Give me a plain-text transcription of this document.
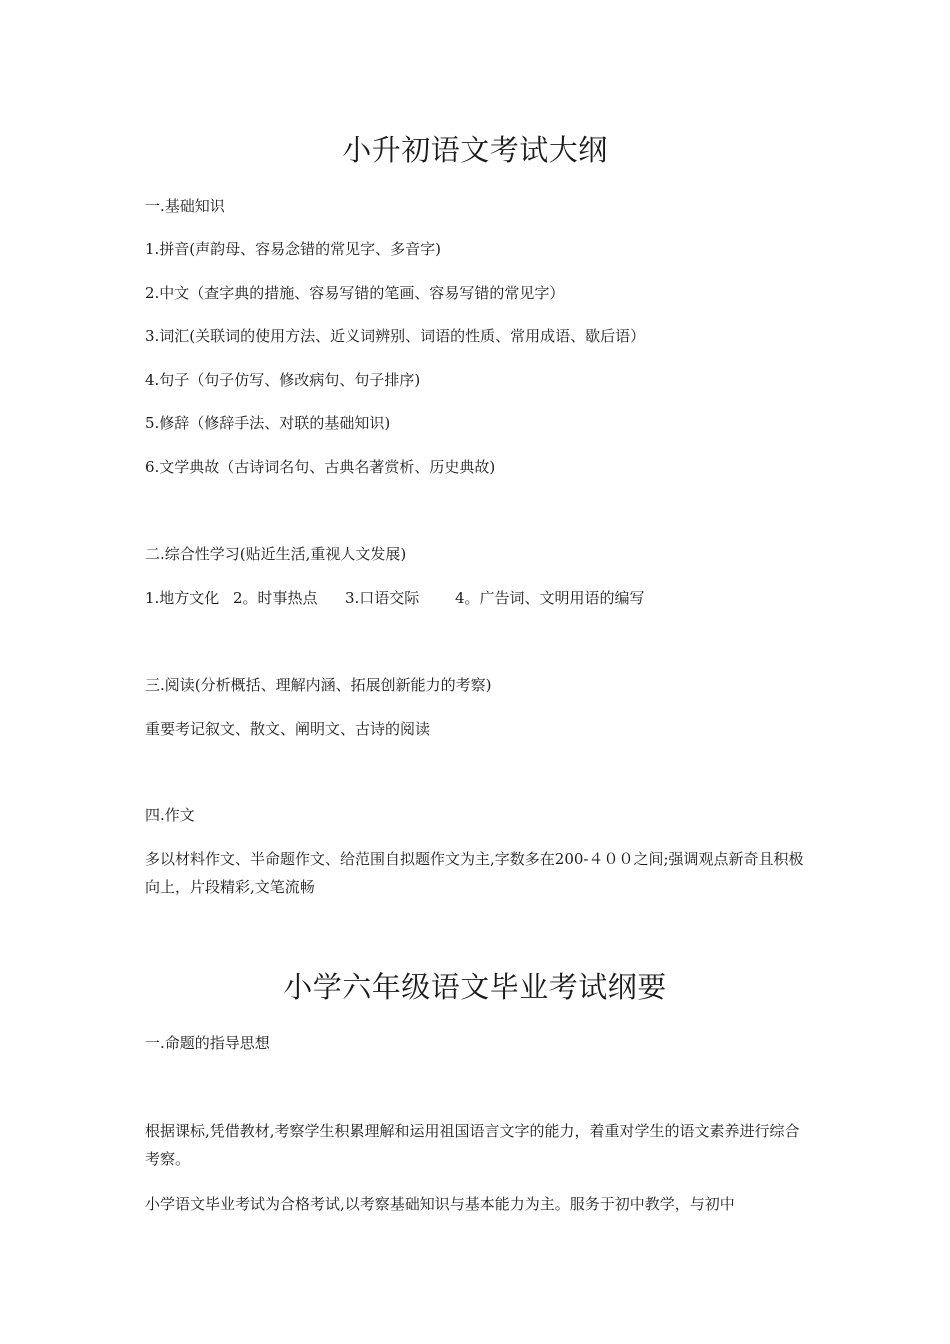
小升初语文考试大纲

一.基础知识

1.拼音(声韵母、容易念错的常见字、多音字)

2.中文（查字典的措施、容易写错的笔画、容易写错的常见字）

3.词汇(关联词的使用方法、近义词辨别、词语的性质、常用成语、歇后语）

4.句子（句子仿写、修改病句、句子排序)

5.修辞（修辞手法、对联的基础知识)

6.文学典故（古诗词名句、古典名著赏析、历史典故)

二.综合性学习(贴近生活,重视人文发展)

1.地方文化 2。时事热点 3.口语交际 4。广告词、文明用语的编写

三.阅读(分析概括、理解内涵、拓展创新能力的考察)

重要考记叙文、散文、阐明文、古诗的阅读

四.作文

多以材料作文、半命题作文、给范围自拟题作文为主,字数多在200-４００之间;强调观点新奇且积极向上，片段精彩,文笔流畅

小学六年级语文毕业考试纲要

一.命题的指导思想

根据课标,凭借教材,考察学生积累理解和运用祖国语言文字的能力，着重对学生的语文素养进行综合考察。

小学语文毕业考试为合格考试,以考察基础知识与基本能力为主。服务于初中教学，与初中
